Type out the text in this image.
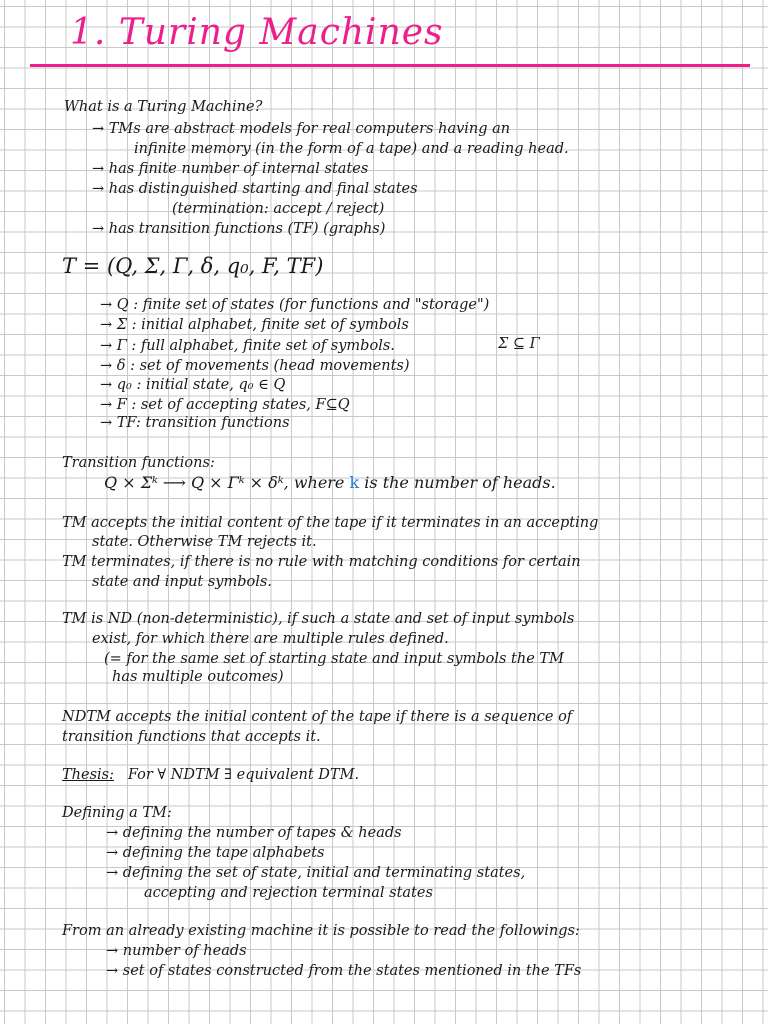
1. Turing Machines
What is a Turing Machine?
→ TMs are abstract models for real computers having an
infinite memory (in the form of a tape) and a reading head.
→ has finite number of internal states
→ has distinguished starting and final states
(termination: accept / reject)
→ has transition functions (TF) (graphs)
T = (Q, Σ, Γ, δ, q₀, F, TF)
→ Q : finite set of states (for functions and "storage")
→ Σ : initial alphabet, finite set of symbols
→ Γ : full alphabet, finite set of symbols.	Σ ⊆ Γ
→ δ : set of movements (head movements)
→ q₀ : initial state, q₀ ∈ Q
→ F : set of accepting states, F⊆Q
→ TF: transition functions
Transition functions:
Q × Σᵏ ⟶ Q × Γᵏ × δᵏ, where k is the number of heads.
TM accepts the initial content of the tape if it terminates in an accepting
state. Otherwise TM rejects it.
TM terminates, if there is no rule with matching conditions for certain
state and input symbols.
TM is ND (non-deterministic), if such a state and set of input symbols
exist, for which there are multiple rules defined.
(= for the same set of starting state and input symbols the TM
has multiple outcomes)
NDTM accepts the initial content of the tape if there is a sequence of
transition functions that accepts it.
Thesis: For ∀ NDTM ∃ equivalent DTM.
Defining a TM:
→ defining the number of tapes & heads
→ defining the tape alphabets
→ defining the set of state, initial and terminating states,
accepting and rejection terminal states
From an already existing machine it is possible to read the followings:
→ number of heads
→ set of states constructed from the states mentioned in the TFs
